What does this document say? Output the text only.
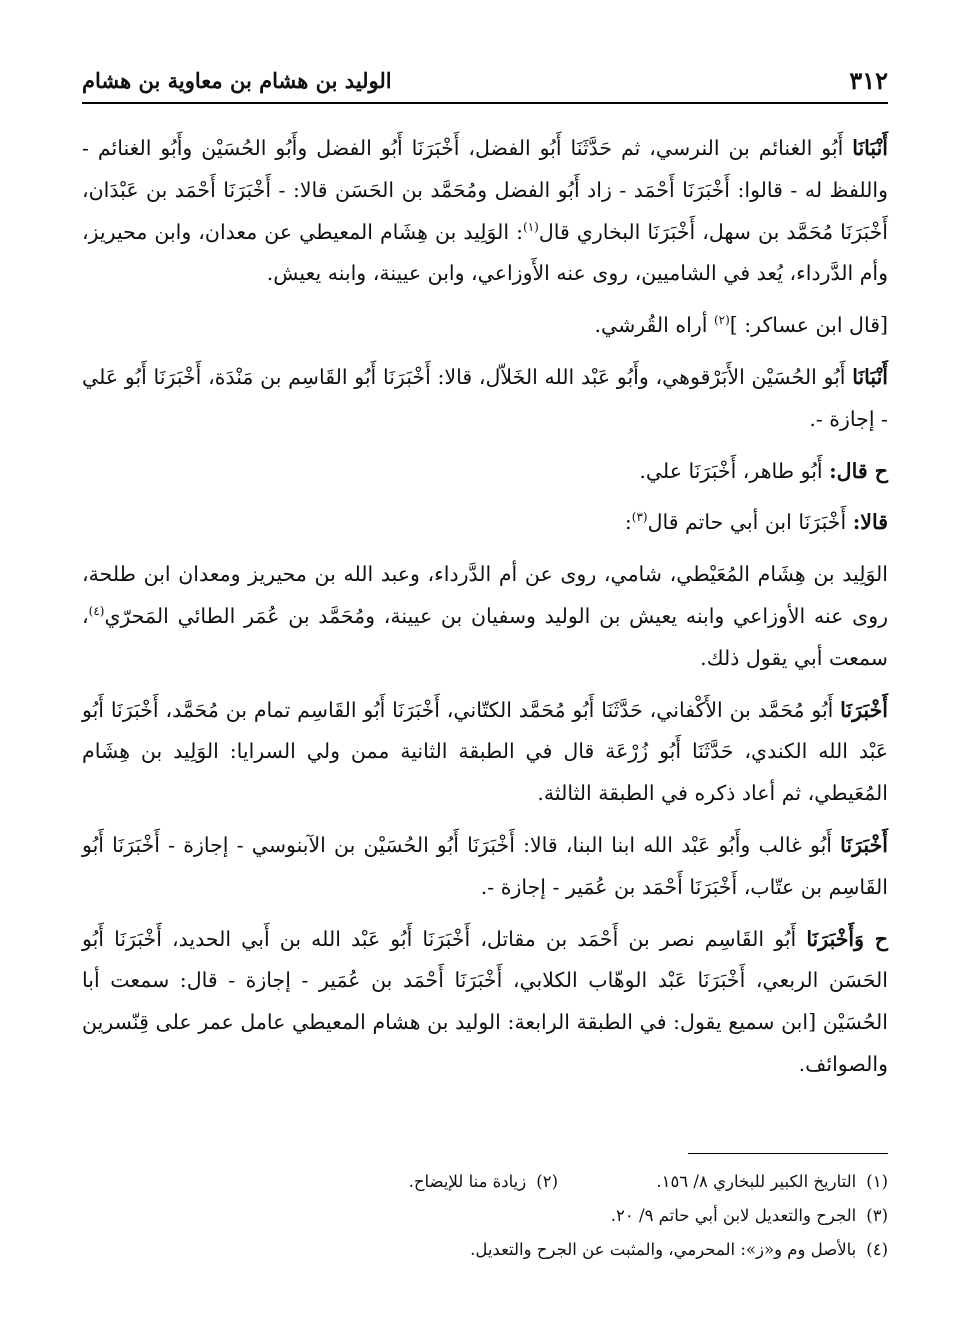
٣١٢
الوليد بن هشام بن معاوية بن هشام

أَنْبَانَا أَبُو الغنائم بن النرسي، ثم حَدَّثَنَا أَبُو الفضل، أَخْبَرَنَا أَبُو الفضل وأَبُو الحُسَيْن وأَبُو الغنائم - واللفظ له - قالوا: أَخْبَرَنَا أَحْمَد - زاد أَبُو الفضل ومُحَمَّد بن الحَسَن قالا: - أَخْبَرَنَا أَحْمَد بن عَبْدَان، أَخْبَرَنَا مُحَمَّد بن سهل، أَخْبَرَنَا البخاري قال$^{(١)}$: الوَلِيد بن هِشَام المعيطي عن معدان، وابن محيريز، وأم الدَّرداء، يُعد في الشاميين، روى عنه الأَوزاعي، وابن عيينة، وابنه يعيش.

[قال ابن عساكر: ]$^{(٢)}$ أراه القُرشي.

أَنْبَانَا أَبُو الحُسَيْن الأَبَرْقوهي، وأَبُو عَبْد الله الخَلاّل، قالا: أَخْبَرَنَا أَبُو القَاسِم بن مَنْدَة، أَخْبَرَنَا أَبُو عَلي - إجازة -.

ح قال: أَبُو طاهر، أَخْبَرَنَا علي.

قالا: أَخْبَرَنَا ابن أبي حاتم قال$^{(٣)}$:

الوَلِيد بن هِشَام المُعَيْطي، شامي، روى عن أم الدَّرداء، وعبد الله بن محيريز ومعدان ابن طلحة، روى عنه الأوزاعي وابنه يعيش بن الوليد وسفيان بن عيينة، ومُحَمَّد بن عُمَر الطائي المَحرّي$^{(٤)}$، سمعت أبي يقول ذلك.

أَخْبَرَنَا أَبُو مُحَمَّد بن الأَكْفاني، حَدَّثَنَا أَبُو مُحَمَّد الكتّاني، أَخْبَرَنَا أَبُو القَاسِم تمام بن مُحَمَّد، أَخْبَرَنَا أَبُو عَبْد الله الكندي، حَدَّثَنَا أَبُو زُرْعَة قال في الطبقة الثانية ممن ولي السرايا: الوَلِيد بن هِشَام المُعَيطي، ثم أعاد ذكره في الطبقة الثالثة.

أَخْبَرَنَا أَبُو غالب وأَبُو عَبْد الله ابنا البنا، قالا: أَخْبَرَنَا أَبُو الحُسَيْن بن الآبنوسي - إجازة - أَخْبَرَنَا أَبُو القَاسِم بن عتّاب، أَخْبَرَنَا أَحْمَد بن عُمَير - إجازة -.

ح وَأَخْبَرَنَا أَبُو القَاسِم نصر بن أَحْمَد بن مقاتل، أَخْبَرَنَا أَبُو عَبْد الله بن أَبي الحديد، أَخْبَرَنَا أَبُو الحَسَن الربعي، أَخْبَرَنَا عَبْد الوهّاب الكلابي، أَخْبَرَنَا أَحْمَد بن عُمَير - إجازة - قال: سمعت أبا الحُسَيْن [ابن سميع يقول: في الطبقة الرابعة: الوليد بن هشام المعيطي عامل عمر على قِنّسرين والصوائف.

(١)
التاريخ الكبير للبخاري ٨/ ١٥٦.
(٢)
زيادة منا للإيضاح.
(٣)
الجرح والتعديل لابن أبي حاتم ٩/ ٢٠.
(٤)
بالأصل وم و«ز»: المحرمي، والمثبت عن الجرح والتعديل.
